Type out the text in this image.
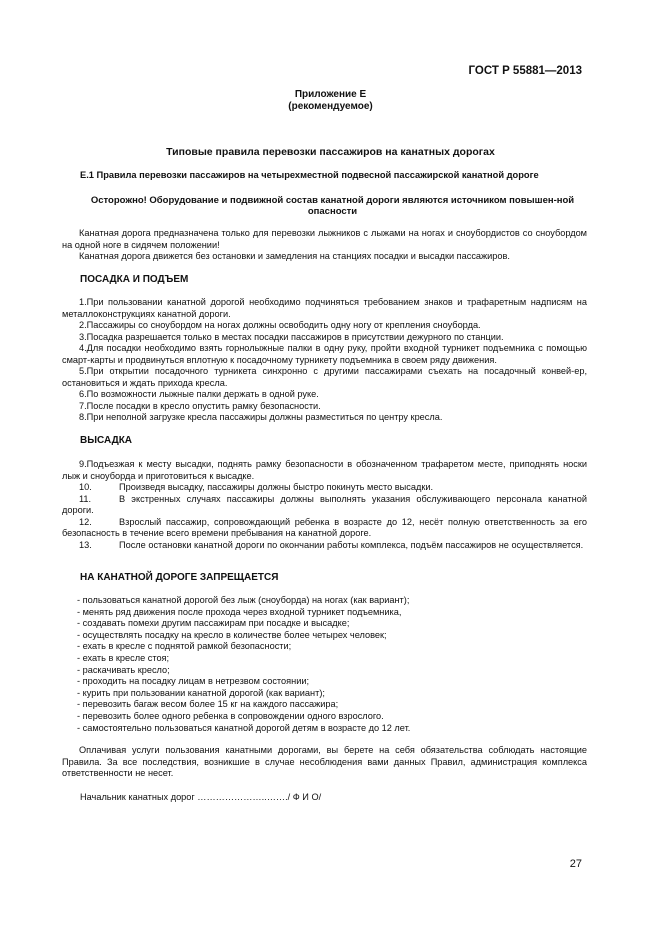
ГОСТ Р 55881—2013
Приложение Е
(рекомендуемое)
Типовые правила перевозки пассажиров на канатных дорогах
Е.1 Правила перевозки пассажиров на четырехместной подвесной пассажирской канатной дороге
Осторожно! Оборудование и подвижной состав канатной дороги являются источником повышен-ной опасности

Канатная дорога предназначена только для перевозки лыжников с лыжами на ногах и сноубордистов со сноубордом на одной ноге в сидячем положении!

Канатная дорога движется без остановки и замедления на станциях посадки и высадки пассажиров.

ПОСАДКА И ПОДЪЕМ

1.При пользовании канатной дорогой необходимо подчиняться требованием знаков и трафаретным надписям на металлоконструкциях канатной дороги.

2.Пассажиры со сноубордом на ногах должны освободить одну ногу от крепления сноуборда.

3.Посадка разрешается только в местах посадки пассажиров в присутствии дежурного по станции.

4.Для посадки необходимо взять горнолыжные палки в одну руку, пройти входной турникет подъемника с помощью смарт-карты и продвинуться вплотную к посадочному турникету подъемника в своем ряду движения.

5.При открытии посадочного турникета синхронно с другими пассажирами съехать на посадочный конвей-ер, остановиться и ждать прихода кресла.

6.По возможности лыжные палки держать в одной руке.

7.После посадки в кресло опустить рамку безопасности.

8.При неполной загрузке кресла пассажиры должны разместиться по центру кресла.

ВЫСАДКА

9.Подъезжая к месту высадки, поднять рамку безопасности в обозначенном трафаретом месте, приподнять носки лыж и сноуборда и приготовиться к высадке.

10.	Произведя высадку, пассажиры должны быстро покинуть место высадки.

11.	В экстренных случаях пассажиры должны выполнять указания обслуживающего персонала канатной дороги.

12.	Взрослый пассажир, сопровождающий ребенка в возрасте до 12, несёт полную ответственность за его безопасность в течение всего времени пребывания на канатной дороге.

13.	После остановки канатной дороги по окончании работы комплекса, подъём пассажиров не осуществляется.

НА КАНАТНОЙ ДОРОГЕ ЗАПРЕЩАЕТСЯ
- пользоваться канатной дорогой без лыж (сноуборда) на ногах (как вариант);
- менять ряд движения после прохода через входной турникет подъемника,
- создавать помехи другим пассажирам при посадке и высадке;
- осуществлять посадку на кресло в количестве более четырех человек;
- ехать в кресле с поднятой рамкой безопасности;
- ехать в кресле стоя;
- раскачивать кресло;
- проходить на посадку лицам в нетрезвом состоянии;
- курить при пользовании канатной дорогой (как вариант);
- перевозить багаж весом более 15 кг на каждого пассажира;
- перевозить более одного ребенка в сопровождении одного взрослого.
- самостоятельно пользоваться канатной дорогой детям в возрасте до 12 лет.

Оплачивая услуги пользования канатными дорогами, вы берете на себя обязательства соблюдать настоящие Правила. За все последствия, возникшие в случае несоблюдения вами данных Правил, администрация комплекса ответственности не несет.

Начальник канатных дорог …………………..……./ Ф И О/
27
